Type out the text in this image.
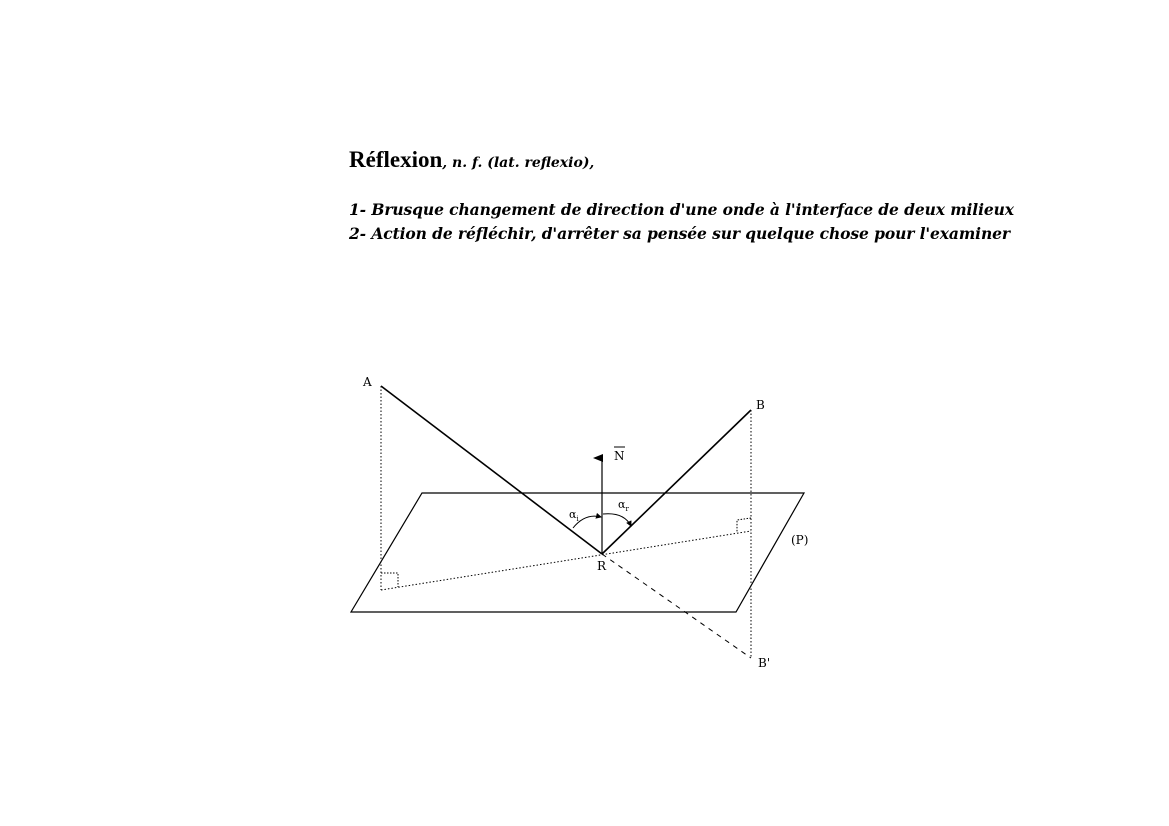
Réflexion, n. f. (lat. reflexio),
1- Brusque changement de direction d'une onde à l'interface de deux milieux
2- Action de réfléchir, d'arrêter sa pensée sur quelque chose pour l'examiner
A
B
B'
R
N
(P)
$\alpha_i$
$\alpha_r$
